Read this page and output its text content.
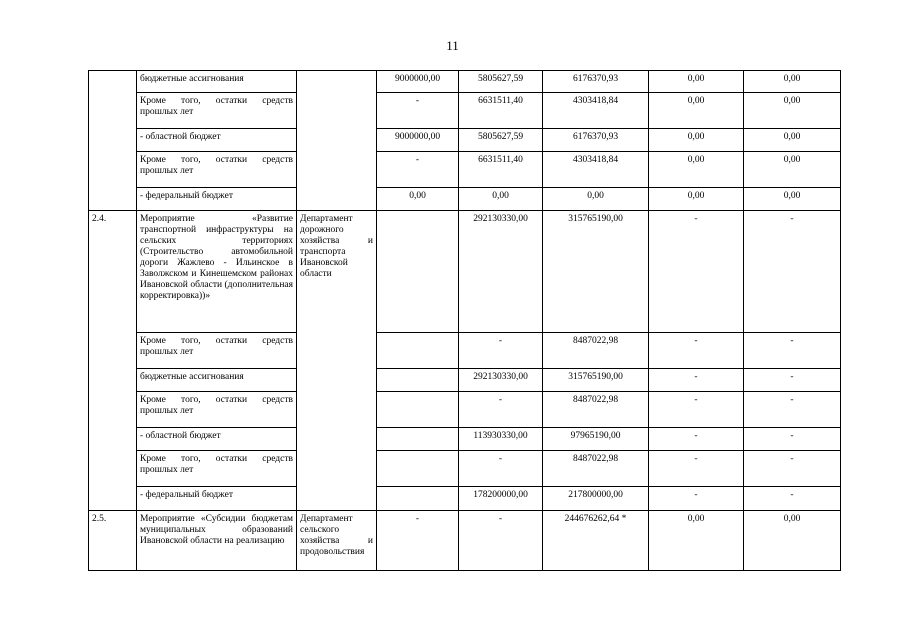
11
	бюджетные ассигнования		9000000,00	5805627,59	6176370,93	0,00	0,00
	Кроме того, остатки средств прошлых лет		-	6631511,40	4303418,84	0,00	0,00
	- областной бюджет		9000000,00	5805627,59	6176370,93	0,00	0,00
	Кроме того, остатки средств прошлых лет		-	6631511,40	4303418,84	0,00	0,00
	- федеральный бюджет		0,00	0,00	0,00	0,00	0,00
2.4.	Мероприятие «Развитие транспортной инфраструктуры на сельских территориях (Строительство автомобильной дороги Жажлево - Ильинское в Заволжском и Кинешемском районах Ивановской области (дополнительная корректировка))»	Департамент дорожного хозяйства и транспорта Ивановской области		292130330,00	315765190,00	-	-
	Кроме того, остатки средств прошлых лет			-	8487022,98	-	-
	бюджетные ассигнования			292130330,00	315765190,00	-	-
	Кроме того, остатки средств прошлых лет			-	8487022,98	-	-
	- областной бюджет			113930330,00	97965190,00	-	-
	Кроме того, остатки средств прошлых лет			-	8487022,98	-	-
	- федеральный бюджет			178200000,00	217800000,00	-	-
2.5.	Мероприятие «Субсидии бюджетам муниципальных образований Ивановской области на реализацию	Департамент сельского хозяйства и продовольствия	-	-	244676262,64 *	0,00	0,00
